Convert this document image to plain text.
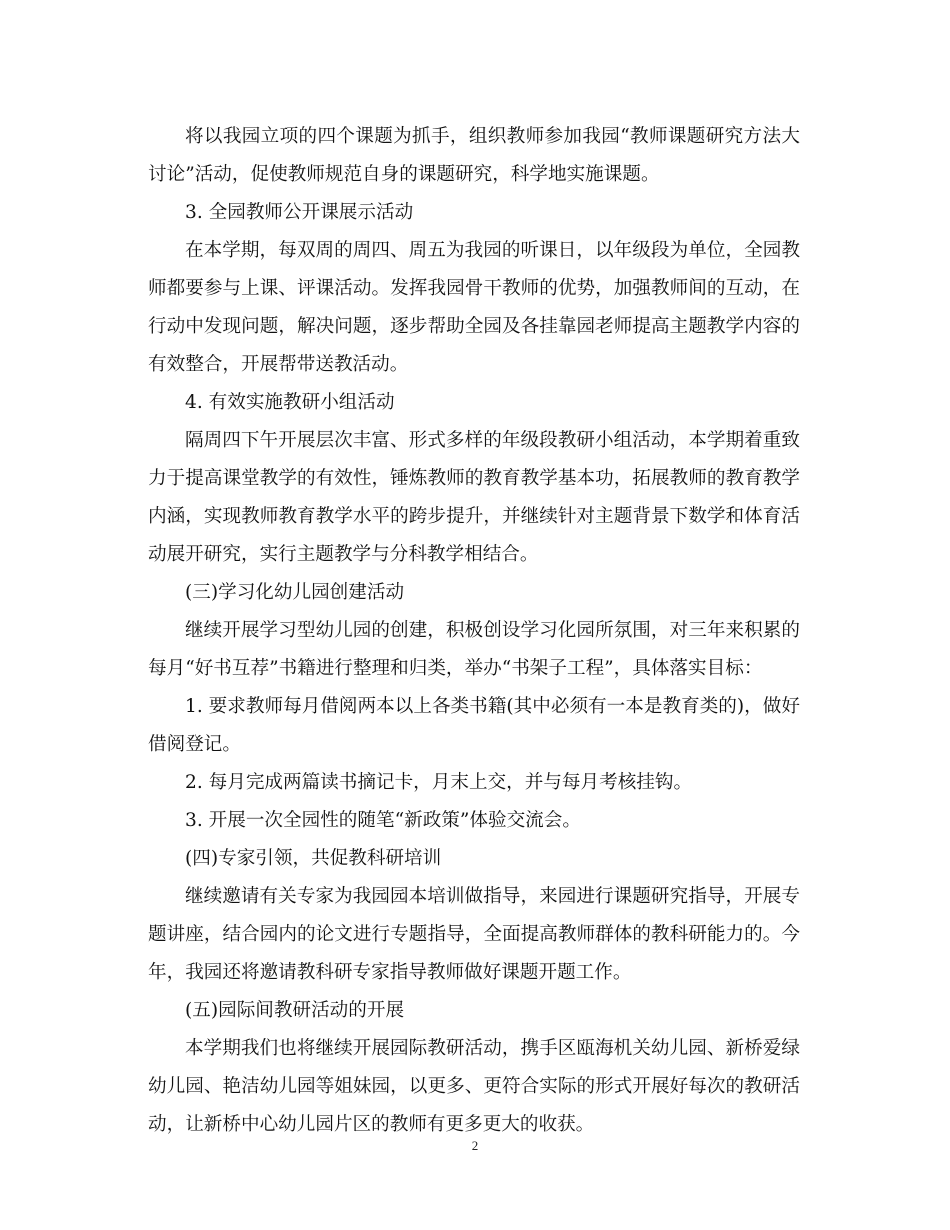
将以我园立项的四个课题为抓手，组织教师参加我园“教师课题研究方法大讨论”活动，促使教师规范自身的课题研究，科学地实施课题。

3. 全园教师公开课展示活动

在本学期，每双周的周四、周五为我园的听课日，以年级段为单位，全园教师都要参与上课、评课活动。发挥我园骨干教师的优势，加强教师间的互动，在行动中发现问题，解决问题，逐步帮助全园及各挂靠园老师提高主题教学内容的有效整合，开展帮带送教活动。

4. 有效实施教研小组活动

隔周四下午开展层次丰富、形式多样的年级段教研小组活动，本学期着重致力于提高课堂教学的有效性，锤炼教师的教育教学基本功，拓展教师的教育教学内涵，实现教师教育教学水平的跨步提升，并继续针对主题背景下数学和体育活动展开研究，实行主题教学与分科教学相结合。

(三)学习化幼儿园创建活动

继续开展学习型幼儿园的创建，积极创设学习化园所氛围，对三年来积累的每月“好书互荐”书籍进行整理和归类，举办“书架子工程”，具体落实目标：

1. 要求教师每月借阅两本以上各类书籍(其中必须有一本是教育类的)，做好借阅登记。

2. 每月完成两篇读书摘记卡，月末上交，并与每月考核挂钩。

3. 开展一次全园性的随笔“新政策”体验交流会。

(四)专家引领，共促教科研培训

继续邀请有关专家为我园园本培训做指导，来园进行课题研究指导，开展专题讲座，结合园内的论文进行专题指导，全面提高教师群体的教科研能力的。今年，我园还将邀请教科研专家指导教师做好课题开题工作。

(五)园际间教研活动的开展

本学期我们也将继续开展园际教研活动，携手区瓯海机关幼儿园、新桥爱绿幼儿园、艳洁幼儿园等姐妹园，以更多、更符合实际的形式开展好每次的教研活动，让新桥中心幼儿园片区的教师有更多更大的收获。

2
